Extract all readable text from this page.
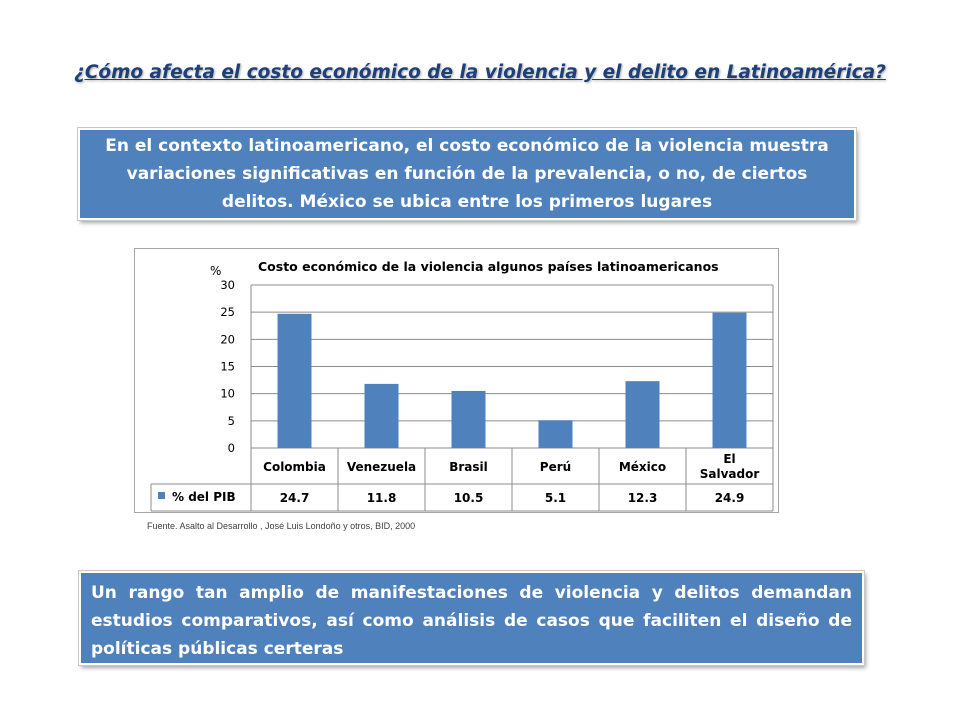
¿Cómo afecta el costo económico de la violencia y el delito en Latinoamérica?
En el contexto latinoamericano, el costo económico de la violencia muestra variaciones significativas en función de la prevalencia, o no, de ciertos delitos. México se ubica entre los primeros lugares
Costo económico de la violencia algunos países latinoamericanos
%
0
5
10
15
20
25
30
Colombia
24.7
Venezuela
11.8
Brasil
10.5
Perú
5.1
México
12.3
El Salvador
24.9
% del PIB
Fuente. Asalto al Desarrollo , José Luis Londoño y otros, BID, 2000
Un rango tan amplio de manifestaciones de violencia y delitos demandan estudios comparativos, así como análisis de casos que faciliten el diseño de políticas públicas certeras
